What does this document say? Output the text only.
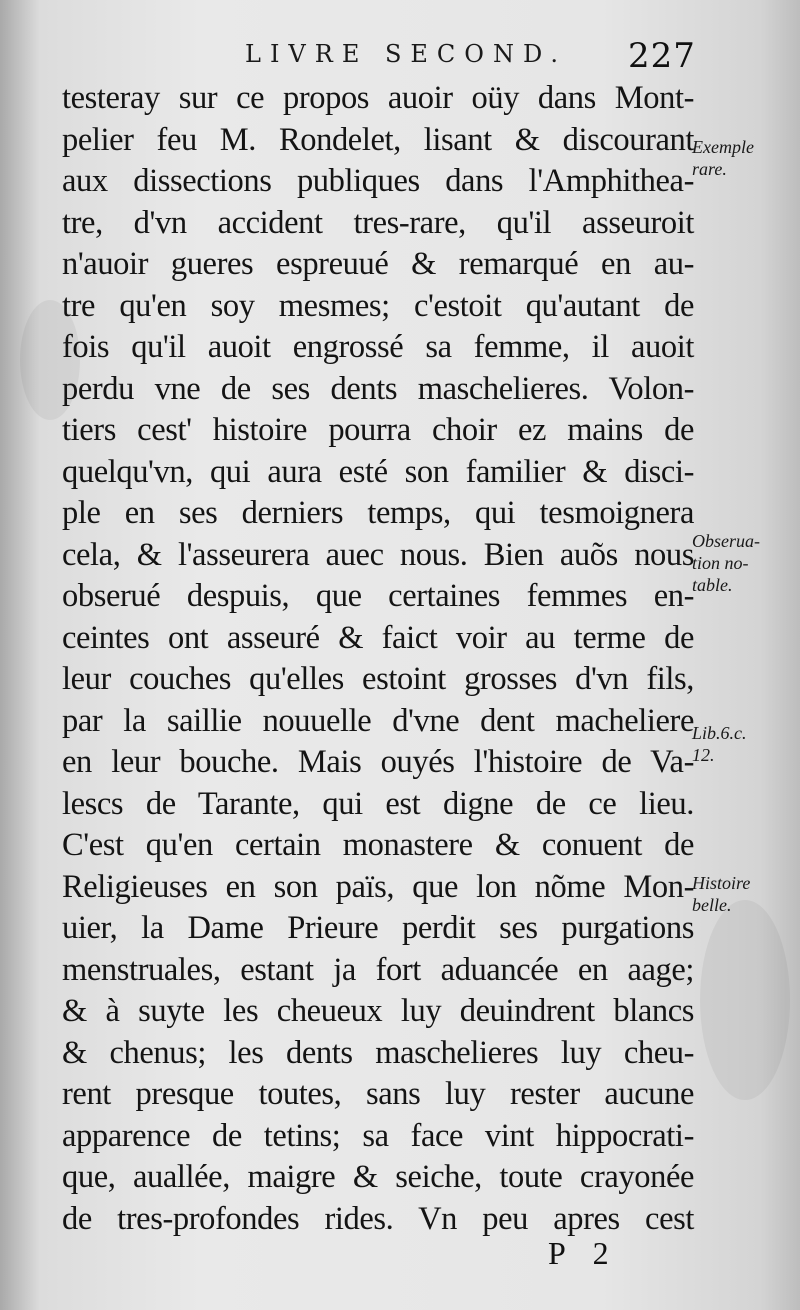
LIVRE SECOND. 227
testeray sur ce propos auoir oüy dans Mont-
pelier feu M. Rondelet, lisant & discourant
aux dissections publiques dans l'Amphithea-
tre, d'vn accident tres-rare, qu'il asseuroit
n'auoir gueres espreuué & remarqué en au-
tre qu'en soy mesmes; c'estoit qu'autant de
fois qu'il auoit engrossé sa femme, il auoit
perdu vne de ses dents maschelieres. Volon-
tiers cest' histoire pourra choir ez mains de
quelqu'vn, qui aura esté son familier & disci-
ple en ses derniers temps, qui tesmoignera
cela, & l'asseurera auec nous. Bien auõs nous
obserué despuis, que certaines femmes en-
ceintes ont asseuré & faict voir au terme de
leur couches qu'elles estoint grosses d'vn fils,
par la saillie nouuelle d'vne dent macheliere
en leur bouche. Mais ouyés l'histoire de Va-
lescs de Tarante, qui est digne de ce lieu.
C'est qu'en certain monastere & conuent de
Religieuses en son païs, que lon nõme Mon-
uier, la Dame Prieure perdit ses purgations
menstruales, estant ja fort aduancée en aage;
& à suyte les cheueux luy deuindrent blancs
& chenus; les dents maschelieres luy cheu-
rent presque toutes, sans luy rester aucune
apparence de tetins; sa face vint hippocrati-
que, auallée, maigre & seiche, toute crayonée
de tres-profondes rides. Vn peu apres cest
Exemple
rare.
Obserua-
tion no-
table.
Lib.6.c.
12.
Histoire
belle.
P 2
